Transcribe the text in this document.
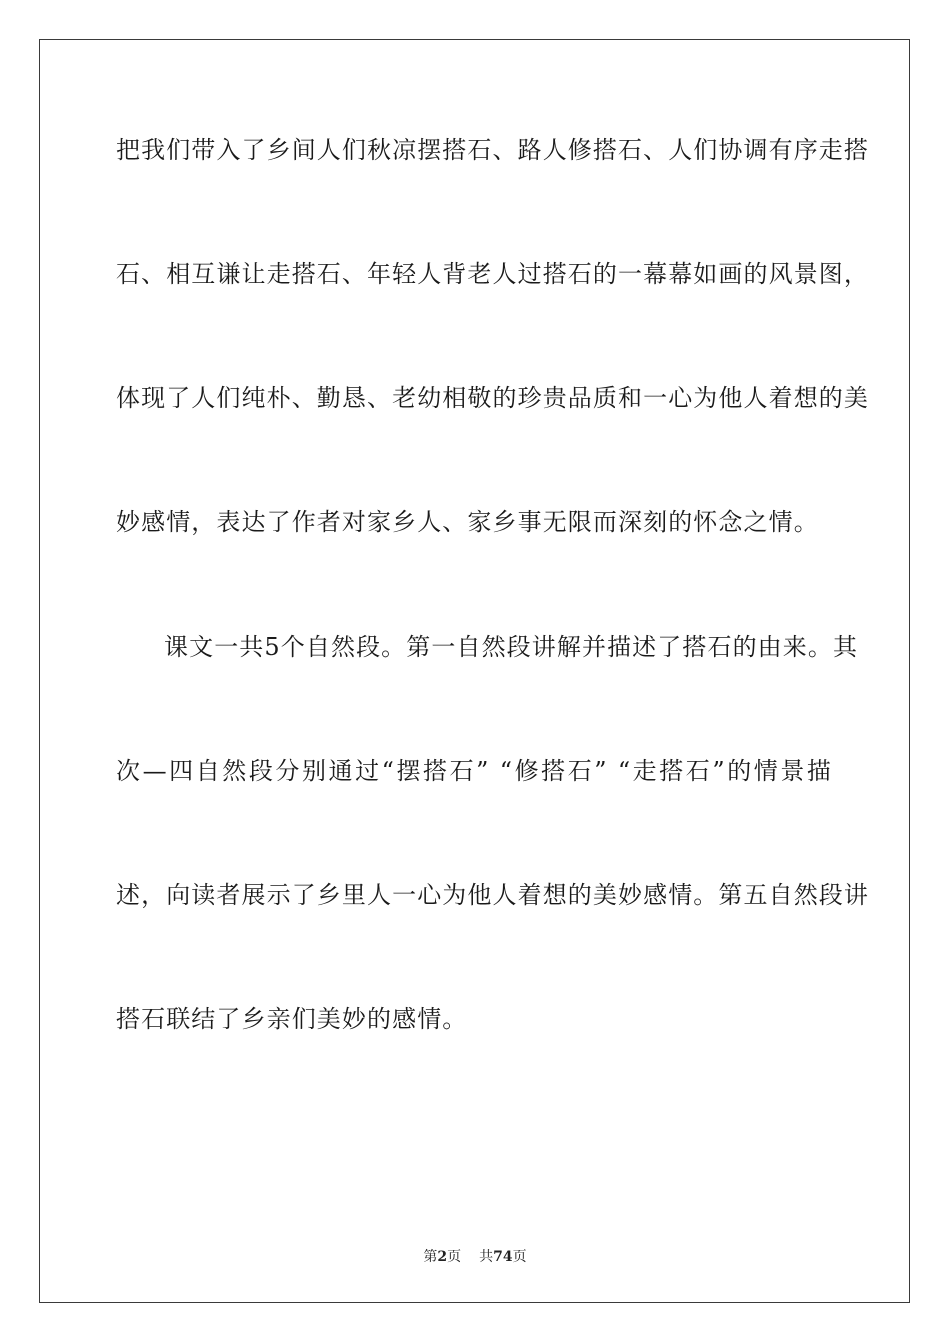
把我们带入了乡间人们秋凉摆搭石、路人修搭石、人们协调有序走搭
石、相互谦让走搭石、年轻人背老人过搭石的一幕幕如画的风景图，
体现了人们纯朴、勤恳、老幼相敬的珍贵品质和一心为他人着想的美
妙感情，表达了作者对家乡人、家乡事无限而深刻的怀念之情。
课文一共5个自然段。第一自然段讲解并描述了搭石的由来。其
次—四自然段分别通过“摆搭石” “修搭石” “走搭石”的情景描
述，向读者展示了乡里人一心为他人着想的美妙感情。第五自然段讲
搭石联结了乡亲们美妙的感情。
第2页 共74页
